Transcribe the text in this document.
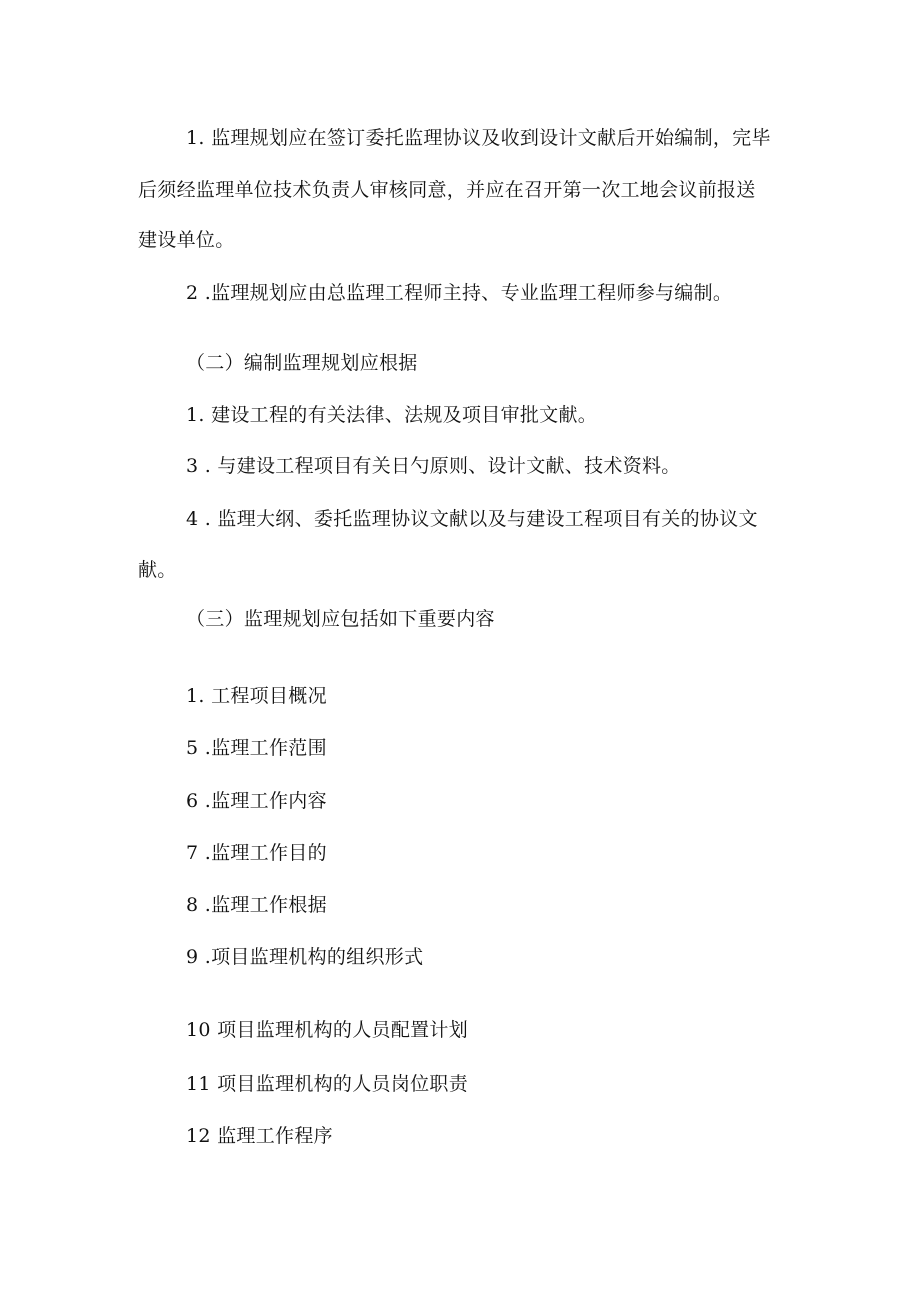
1. 监理规划应在签订委托监理协议及收到设计文献后开始编制，完毕
后须经监理单位技术负责人审核同意，并应在召开第一次工地会议前报送
建设单位。
2 .监理规划应由总监理工程师主持、专业监理工程师参与编制。
（二）编制监理规划应根据
1. 建设工程的有关法律、法规及项目审批文献。
3 . 与建设工程项目有关日勺原则、设计文献、技术资料。
4 . 监理大纲、委托监理协议文献以及与建设工程项目有关的协议文
献。
（三）监理规划应包括如下重要内容
1. 工程项目概况
5 .监理工作范围
6 .监理工作内容
7 .监理工作目的
8 .监理工作根据
9 .项目监理机构的组织形式
10 项目监理机构的人员配置计划
11 项目监理机构的人员岗位职责
12 监理工作程序
